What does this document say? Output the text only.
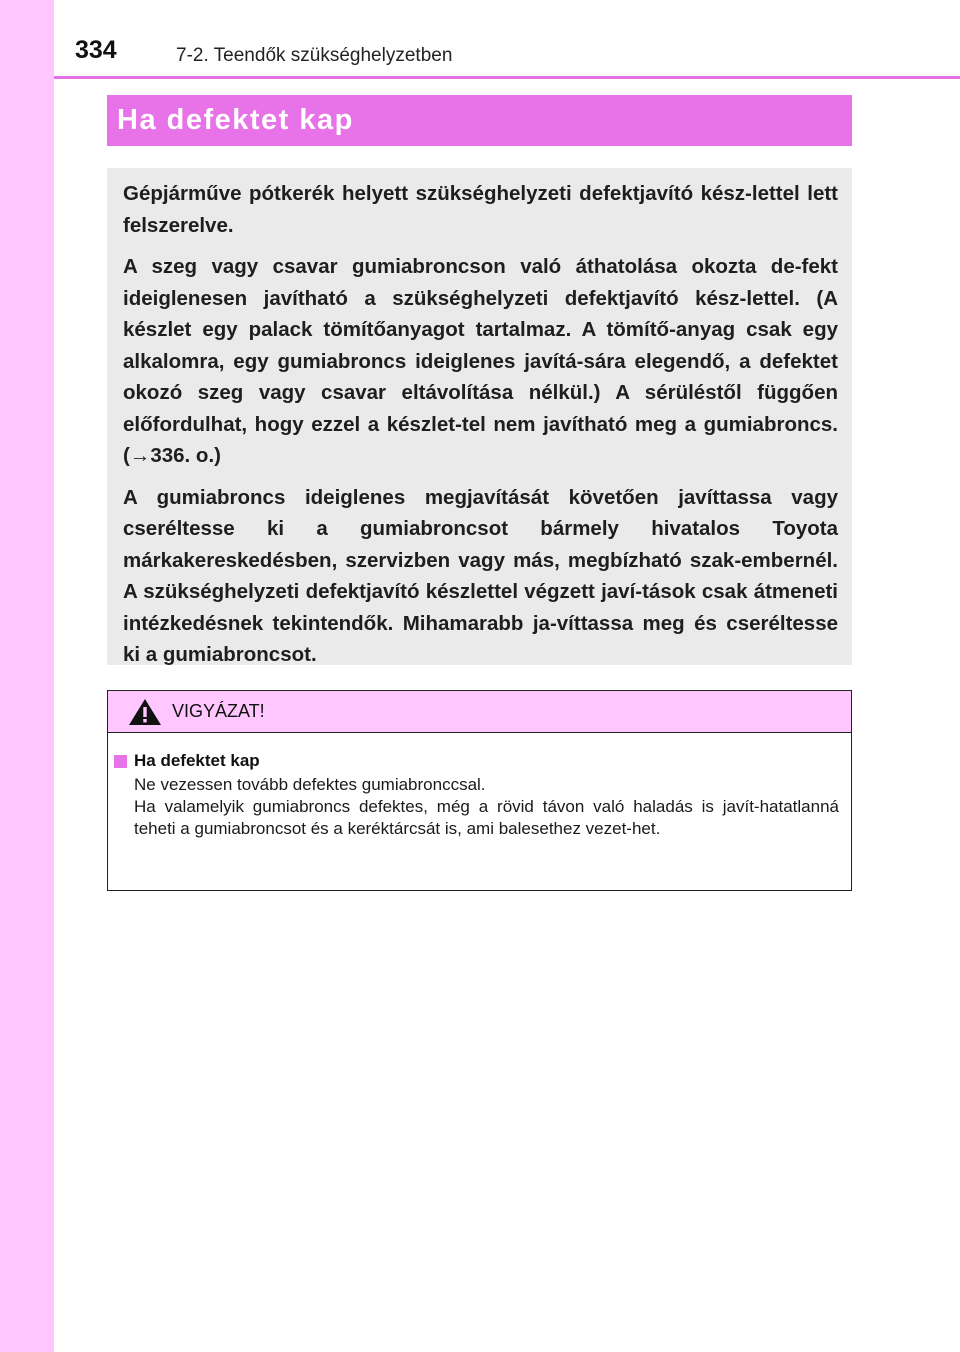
334	7-2. Teendők szükséghelyzetben
Ha defektet kap

Gépjárműve pótkerék helyett szükséghelyzeti defektjavító kész-lettel lett felszerelve.

A szeg vagy csavar gumiabroncson való áthatolása okozta de-fekt ideiglenesen javítható a szükséghelyzeti defektjavító kész-lettel. (A készlet egy palack tömítőanyagot tartalmaz. A tömítő-anyag csak egy alkalomra, egy gumiabroncs ideiglenes javítá-sára elegendő, a defektet okozó szeg vagy csavar eltávolítása nélkül.) A sérüléstől függően előfordulhat, hogy ezzel a készlet-tel nem javítható meg a gumiabroncs. (→336. o.)

A gumiabroncs ideiglenes megjavítását követően javíttassa vagy cseréltesse ki a gumiabroncsot bármely hivatalos Toyota márkakereskedésben, szervizben vagy más, megbízható szak-embernél. A szükséghelyzeti defektjavító készlettel végzett javí-tások csak átmeneti intézkedésnek tekintendők. Mihamarabb ja-víttassa meg és cseréltesse ki a gumiabroncsot.

VIGYÁZAT!
Ha defektet kap
Ne vezessen tovább defektes gumiabronccsal.
Ha valamelyik gumiabroncs defektes, még a rövid távon való haladás is javít-hatatlanná teheti a gumiabroncsot és a keréktárcsát is, ami balesethez vezet-het.
